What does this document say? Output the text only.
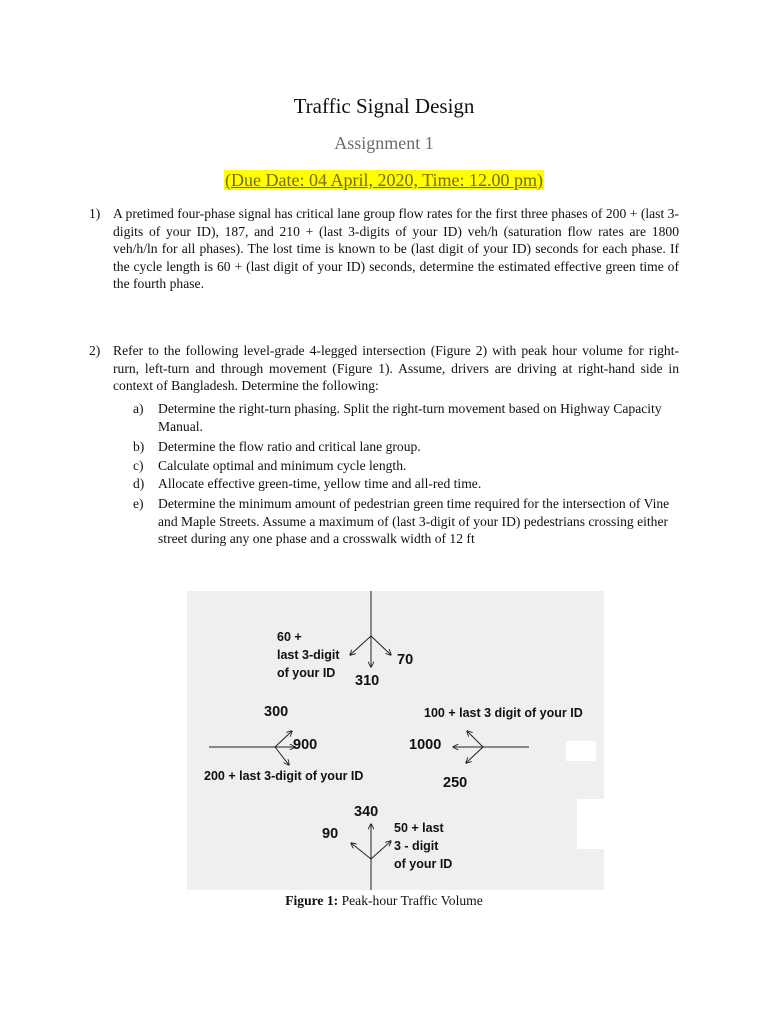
Traffic Signal Design
Assignment 1
(Due Date: 04 April, 2020, Time: 12.00 pm)
1) A pretimed four-phase signal has critical lane group flow rates for the first three phases of 200 + (last 3-digits of your ID), 187, and 210 + (last 3-digits of your ID) veh/h (saturation flow rates are 1800 veh/h/ln for all phases). The lost time is known to be (last digit of your ID) seconds for each phase. If the cycle length is 60 + (last digit of your ID) seconds, determine the estimated effective green time of the fourth phase.
2) Refer to the following level-grade 4-legged intersection (Figure 2) with peak hour volume for right-rurn, left-turn and through movement (Figure 1). Assume, drivers are driving at right-hand side in context of Bangladesh. Determine the following:
a)	Determine the right-turn phasing. Split the right-turn movement based on Highway Capacity Manual.
b)	Determine the flow ratio and critical lane group.
c)	Calculate optimal and minimum cycle length.
d)	Allocate effective green-time, yellow time and all-red time.
e)	Determine the minimum amount of pedestrian green time required for the intersection of Vine and Maple Streets. Assume a maximum of (last 3-digit of your ID) pedestrians crossing either street during any one phase and a crosswalk width of 12 ft
60 +
last 3-digit
of your ID
70
310
300
900
200 + last 3-digit of your ID
100 + last 3 digit of your ID
1000
250
340
90	50 + last
3 - digit
of your ID
Figure 1: Peak-hour Traffic Volume
